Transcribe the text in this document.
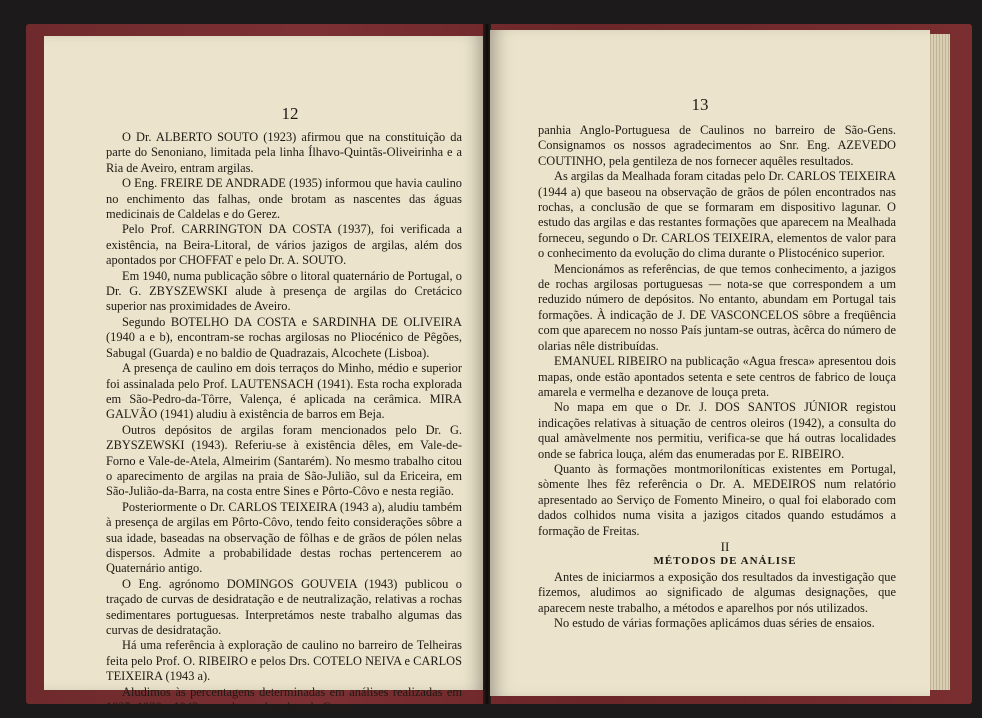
12

O Dr. ALBERTO SOUTO (1923) afirmou que na constituição da parte do Senoniano, limitada pela linha Ílhavo-Quintãs-Oliveirinha e a Ria de Aveiro, entram argilas.

O Eng. FREIRE DE ANDRADE (1935) informou que havia caulino no enchimento das falhas, onde brotam as nascentes das águas medicinais de Caldelas e do Gerez.

Pelo Prof. CARRINGTON DA COSTA (1937), foi verificada a existência, na Beira-Litoral, de vários jazigos de argilas, além dos apontados por CHOFFAT e pelo Dr. A. SOUTO.

Em 1940, numa publicação sôbre o litoral quaternário de Portugal, o Dr. G. ZBYSZEWSKI alude à presença de argilas do Cretácico superior nas proximidades de Aveiro.

Segundo BOTELHO DA COSTA e SARDINHA DE OLIVEIRA (1940 a e b), encontram-se rochas argilosas no Pliocénico de Pêgões, Sabugal (Guarda) e no baldio de Quadrazais, Alcochete (Lisboa).

A presença de caulino em dois terraços do Minho, médio e superior foi assinalada pelo Prof. LAUTENSACH (1941). Esta rocha explorada em São-Pedro-da-Tôrre, Valença, é aplicada na cerâmica. MIRA GALVÃO (1941) aludiu à existência de barros em Beja.

Outros depósitos de argilas foram mencionados pelo Dr. G. ZBYSZEWSKI (1943). Referiu-se à existência dêles, em Vale-de-Forno e Vale-de-Atela, Almeirim (Santarém). No mesmo trabalho citou o aparecimento de argilas na praia de São-Julião, sul da Ericeira, em São-Julião-da-Barra, na costa entre Sines e Pôrto-Côvo e nesta região.

Posteriormente o Dr. CARLOS TEIXEIRA (1943 a), aludiu também à presença de argilas em Pôrto-Côvo, tendo feito considerações sôbre a sua idade, baseadas na observação de fôlhas e de grãos de pólen nelas dispersos. Admite a probabilidade destas rochas pertencerem ao Quaternário antigo.

O Eng. agrónomo DOMINGOS GOUVEIA (1943) publicou o traçado de curvas de desidratação e de neutralização, relativas a rochas sedimentares portuguesas. Interpretámos neste trabalho algumas das curvas de desidratação.

Há uma referência à exploração de caulino no barreiro de Telheiras feita pelo Prof. O. RIBEIRO e pelos Drs. COTELO NEIVA e CARLOS TEIXEIRA (1943 a).

Aludimos às percentagens determinadas em análises realizadas em 1935, 1939 e 1943 na rocha explorada pela Com-

13

panhia Anglo-Portuguesa de Caulinos no barreiro de São-Gens. Consignamos os nossos agradecimentos ao Snr. Eng. AZEVEDO COUTINHO, pela gentileza de nos fornecer aquêles resultados.

As argilas da Mealhada foram citadas pelo Dr. CARLOS TEIXEIRA (1944 a) que baseou na observação de grãos de pólen encontrados nas rochas, a conclusão de que se formaram em dispositivo lagunar. O estudo das argilas e das restantes formações que aparecem na Mealhada forneceu, segundo o Dr. CARLOS TEIXEIRA, elementos de valor para o conhecimento da evolução do clima durante o Plistocénico superior.

Mencionámos as referências, de que temos conhecimento, a jazigos de rochas argilosas portuguesas — nota-se que correspondem a um reduzido número de depósitos. No entanto, abundam em Portugal tais formações. À indicação de J. DE VASCONCELOS sôbre a freqüência com que aparecem no nosso País juntam-se outras, àcêrca do número de olarias nêle distribuídas.

EMANUEL RIBEIRO na publicação «Agua fresca» apresentou dois mapas, onde estão apontados setenta e sete centros de fabrico de louça amarela e vermelha e dezanove de louça preta.

No mapa em que o Dr. J. DOS SANTOS JÚNIOR registou indicações relativas à situação de centros oleiros (1942), a consulta do qual amàvelmente nos permitiu, verifica-se que há outras localidades onde se fabrica louça, além das enumeradas por E. RIBEIRO.

Quanto às formações montmoriloníticas existentes em Portugal, sòmente lhes fêz referência o Dr. A. MEDEIROS num relatório apresentado ao Serviço de Fomento Mineiro, o qual foi elaborado com dados colhidos numa visita a jazigos citados quando estudámos a formação de Freitas.

II

MÉTODOS DE ANÁLISE

Antes de iniciarmos a exposição dos resultados da investigação que fizemos, aludimos ao significado de algumas designações, que aparecem neste trabalho, a métodos e aparelhos por nós utilizados.

No estudo de várias formações aplicámos duas séries de ensaios.
